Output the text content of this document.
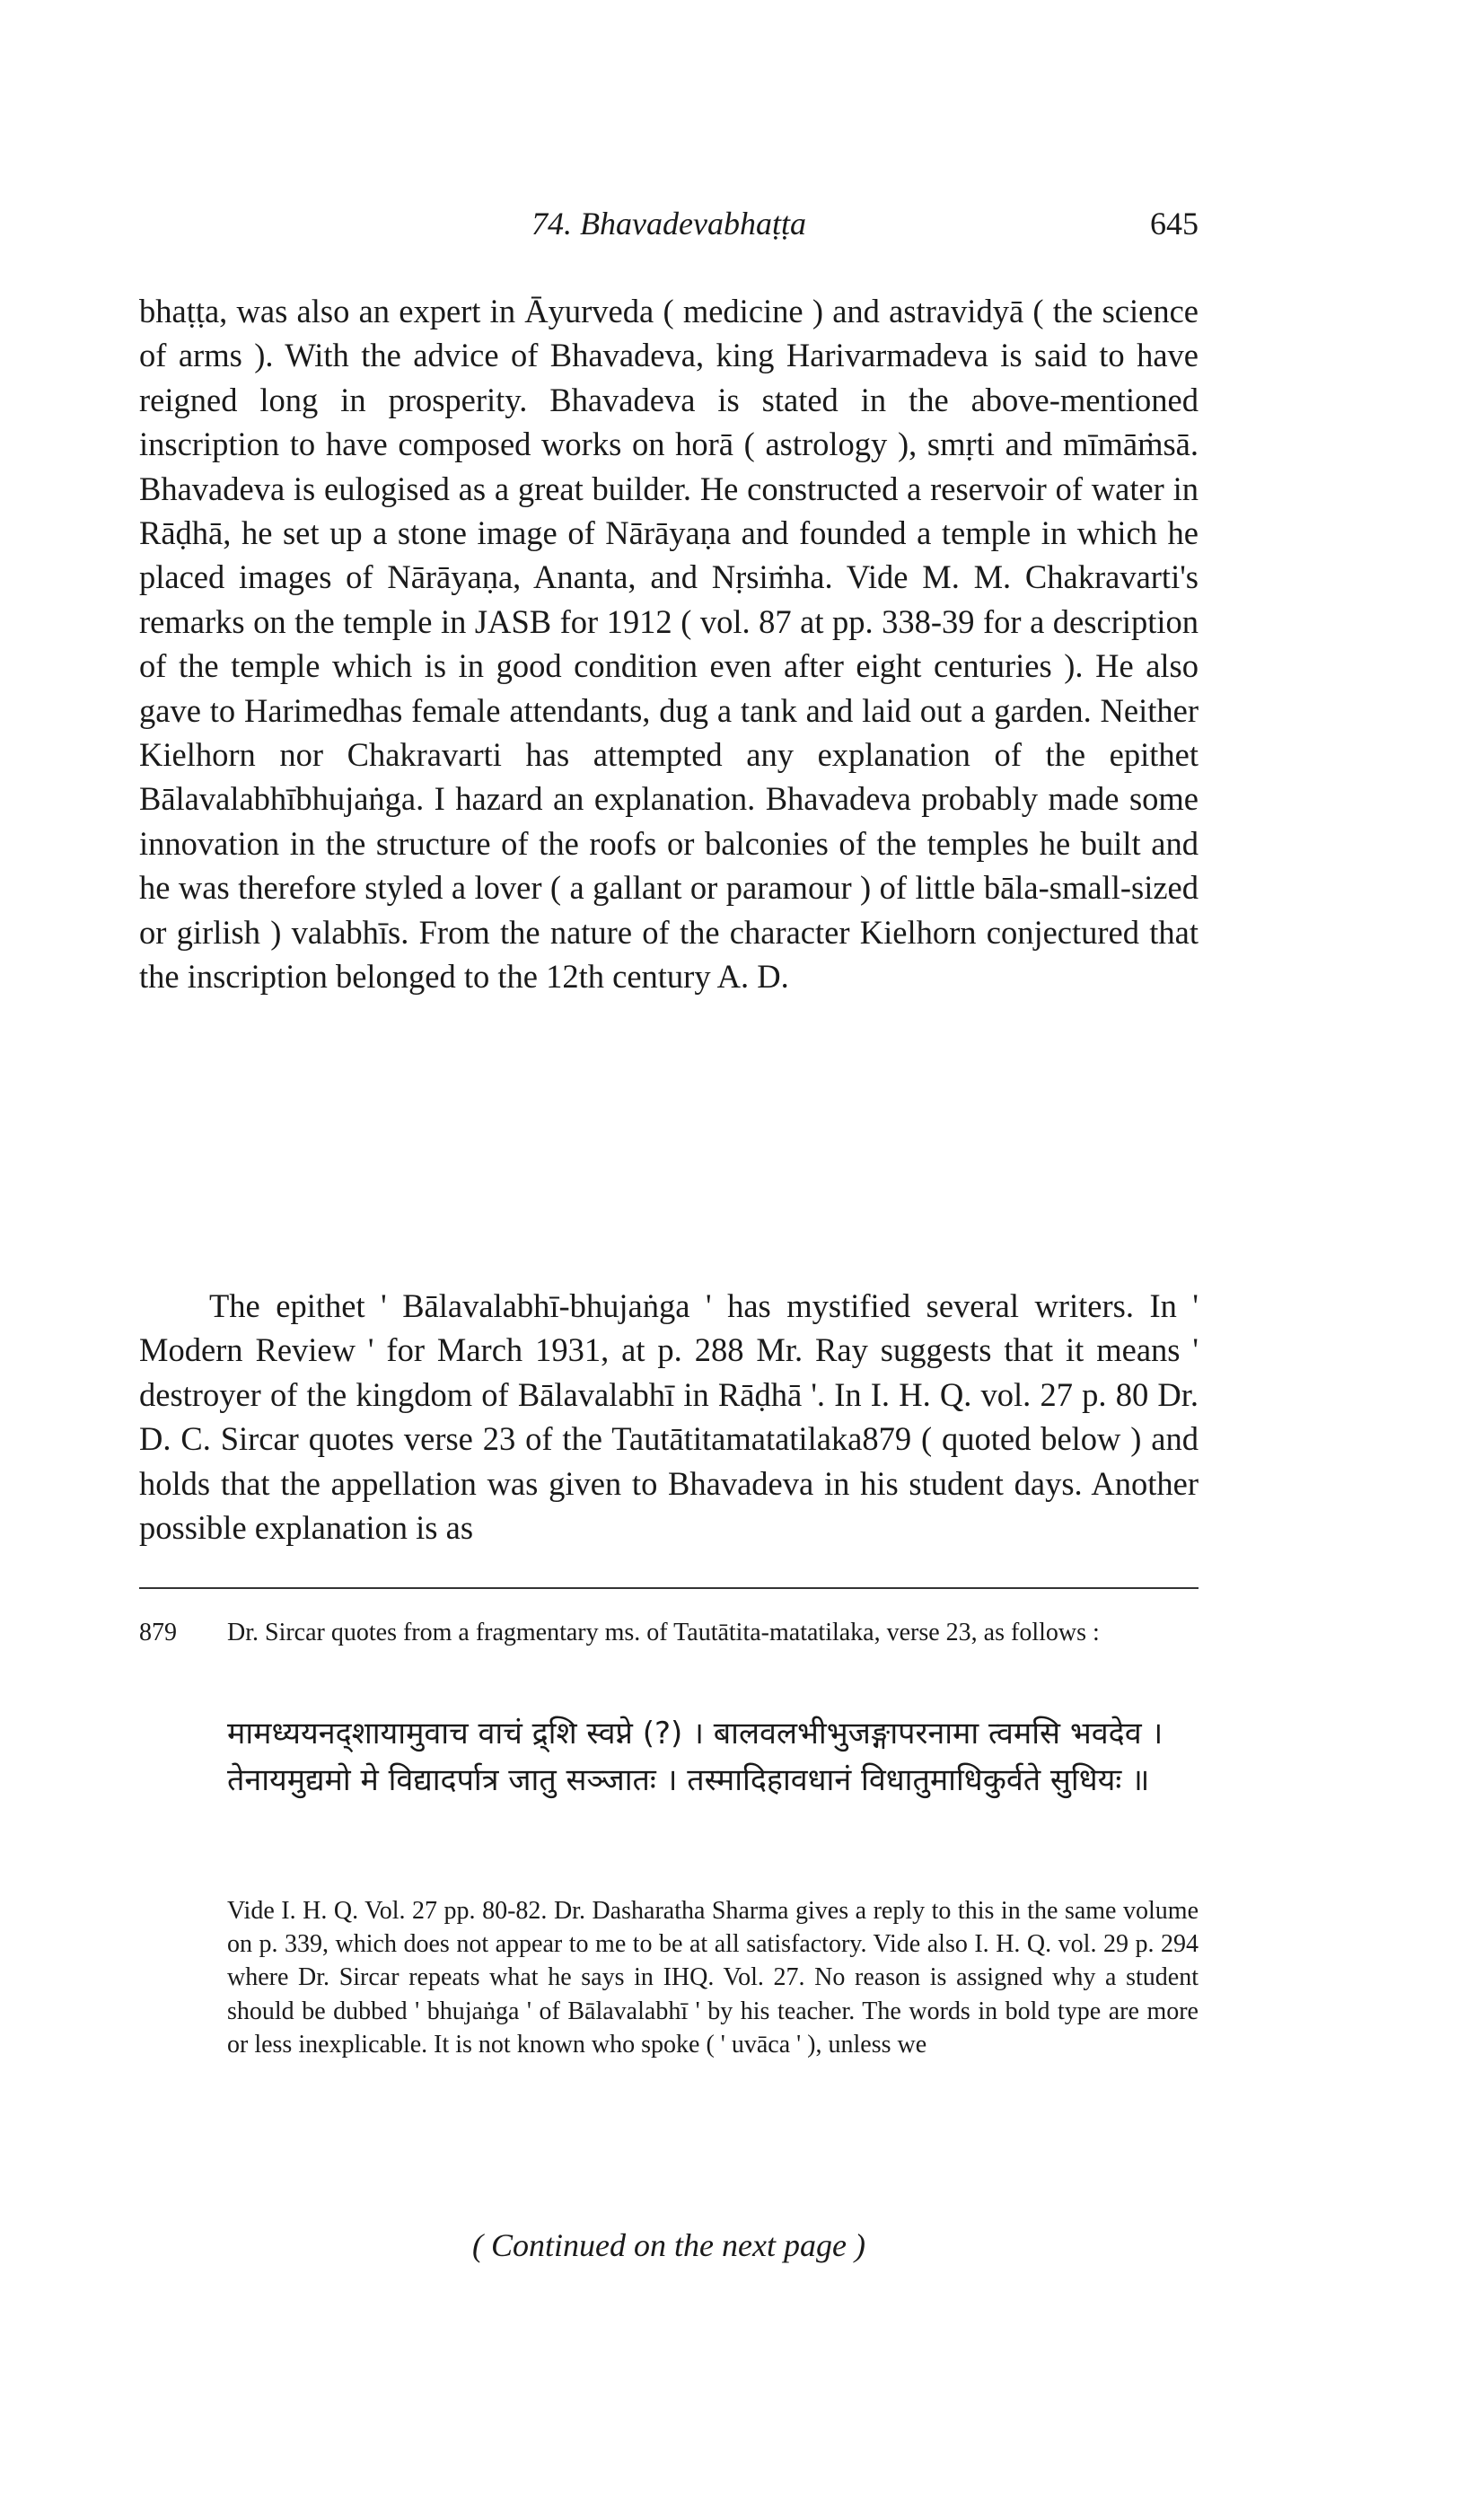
74. Bhavadevabhaṭṭa	645

bhaṭṭa, was also an expert in Āyurveda ( medicine ) and astravidyā ( the science of arms ). With the advice of Bhavadeva, king Harivarmadeva is said to have reigned long in prosperity. Bhavadeva is stated in the above-mentioned inscription to have composed works on horā ( astrology ), smṛti and mīmāṁsā. Bhavadeva is eulogised as a great builder. He constructed a reservoir of water in Rāḍhā, he set up a stone image of Nārāyaṇa and founded a temple in which he placed images of Nārāyaṇa, Ananta, and Nṛsiṁha. Vide M. M. Chakravarti's remarks on the temple in JASB for 1912 ( vol. 87 at pp. 338-39 for a description of the temple which is in good condition even after eight centuries ). He also gave to Harimedhas female attendants, dug a tank and laid out a garden. Neither Kielhorn nor Chakravarti has attempted any explanation of the epithet Bālavalabhībhujaṅga. I hazard an explanation. Bhavadeva probably made some innovation in the structure of the roofs or balconies of the temples he built and he was therefore styled a lover ( a gallant or paramour ) of little bāla-small-sized or girlish ) valabhīs. From the nature of the character Kielhorn conjectured that the inscription belonged to the 12th century A. D.

The epithet ' Bālavalabhī-bhujaṅga ' has mystified several writers. In ' Modern Review ' for March 1931, at p. 288 Mr. Ray suggests that it means ' destroyer of the kingdom of Bālavalabhī in Rāḍhā '. In I. H. Q. vol. 27 p. 80 Dr. D. C. Sircar quotes verse 23 of the Tautātitamatatilaka879 ( quoted below ) and holds that the appellation was given to Bhavadeva in his student days. Another possible explanation is as

879 Dr. Sircar quotes from a fragmentary ms. of Tautātita-matatilaka, verse 23, as follows :
मामध्ययनद्शायामुवाच वाचं द्र्शि स्वप्ने (?) । बालवलभीभुजङ्गापरनामा त्वमसि भवदेव । तेनायमुद्यमो मे विद्यादर्पात्र जातु सञ्जातः । तस्मादिहावधानं विधातुमाधिकुर्वते सुधियः ॥
Vide I. H. Q. Vol. 27 pp. 80-82. Dr. Dasharatha Sharma gives a reply to this in the same volume on p. 339, which does not appear to me to be at all satisfactory. Vide also I. H. Q. vol. 29 p. 294 where Dr. Sircar repeats what he says in IHQ. Vol. 27. No reason is assigned why a student should be dubbed ' bhujaṅga ' of Bālavalabhī ' by his teacher. The words in bold type are more or less inexplicable. It is not known who spoke ( ' uvāca ' ), unless we
( Continued on the next page )
